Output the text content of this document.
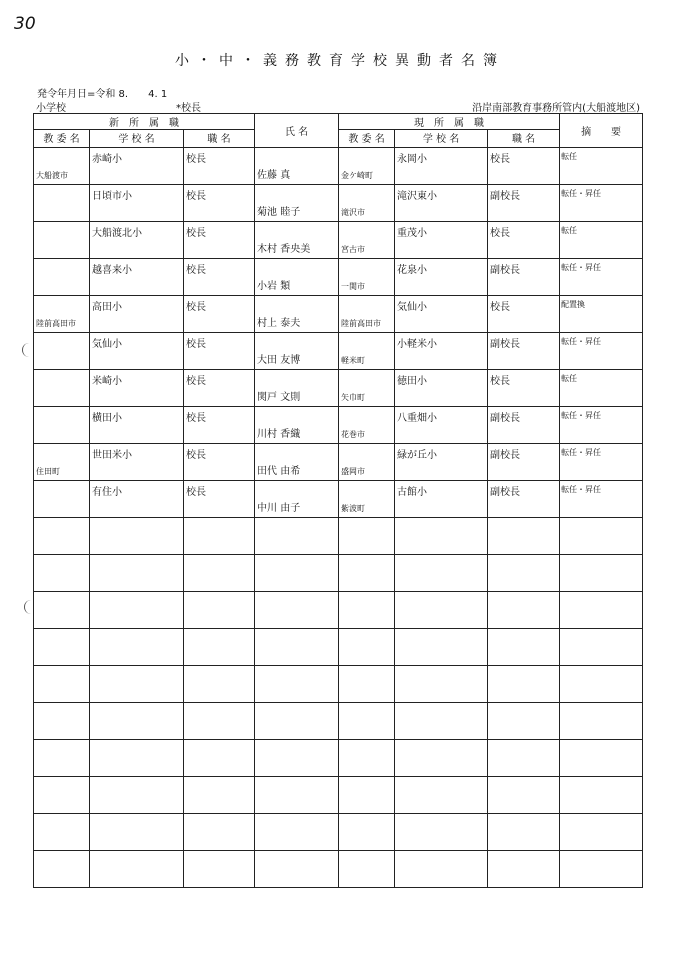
30
小・中・義務教育学校異動者名簿
発令年月日=令和 8.　　4. 1
小学校	*校長	沿岸南部教育事務所管内(大船渡地区)
新　所　属　職			氏 名	現　所　属　職			摘　　要
教 委 名	学 校 名	職 名		教 委 名	学 校 名	職 名	

大船渡市	赤崎小	校長	佐藤 真	金ケ崎町	永岡小	校長	転任

	日頃市小	校長	菊池 睦子	滝沢市	滝沢東小	副校長	転任・昇任

	大船渡北小	校長	木村 香央美	宮古市	重茂小	校長	転任

	越喜来小	校長	小岩 類	一関市	花泉小	副校長	転任・昇任

陸前高田市	高田小	校長	村上 泰夫	陸前高田市	気仙小	校長	配置換

	気仙小	校長	大田 友博	軽米町	小軽米小	副校長	転任・昇任

	米崎小	校長	関戸 文則	矢巾町	徳田小	校長	転任

	横田小	校長	川村 香織	花巻市	八重畑小	副校長	転任・昇任

住田町	世田米小	校長	田代 由希	盛岡市	緑が丘小	副校長	転任・昇任

	有住小	校長	中川 由子	紫波町	古館小	副校長	転任・昇任
